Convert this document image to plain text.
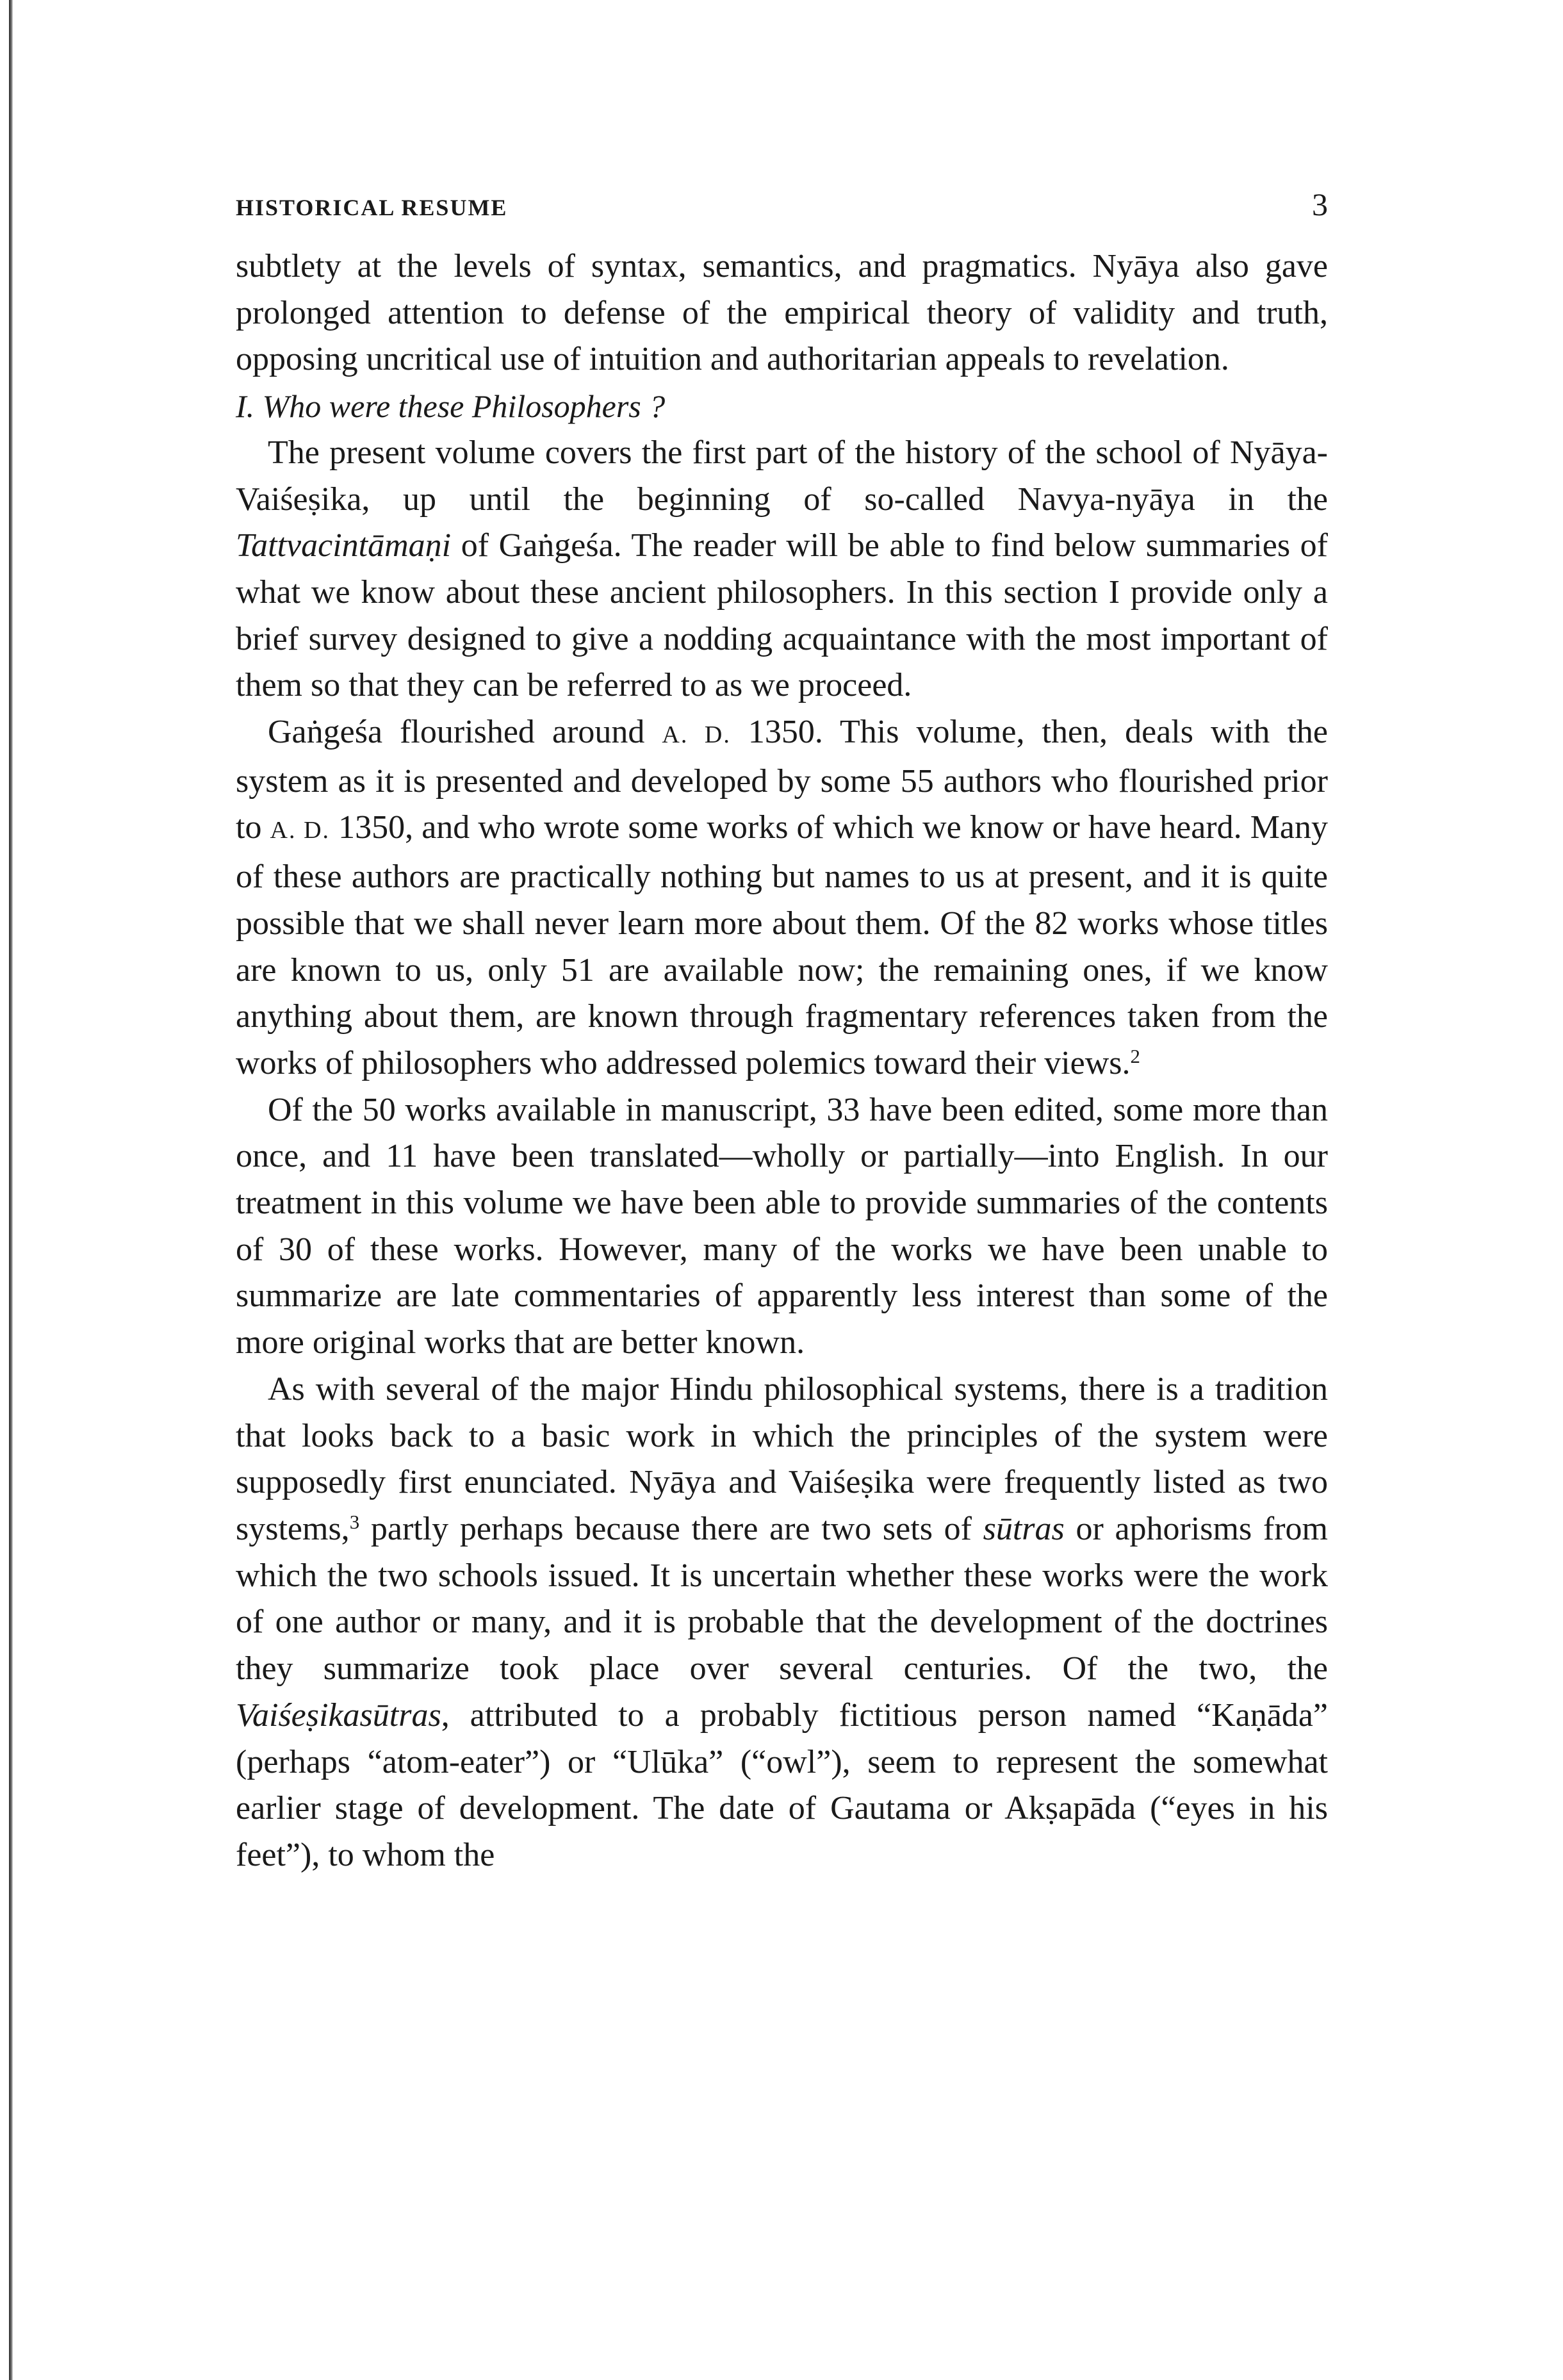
HISTORICAL RESUME	3

subtlety at the levels of syntax, semantics, and pragmatics. Nyāya also gave prolonged attention to defense of the empirical theory of validity and truth, opposing uncritical use of intuition and authoritarian appeals to revelation.

I. Who were these Philosophers ?

The present volume covers the first part of the history of the school of Nyāya-Vaiśeṣika, up until the beginning of so-called Navya-nyāya in the Tattvacintāmaṇi of Gaṅgeśa. The reader will be able to find below summaries of what we know about these ancient philosophers. In this section I provide only a brief survey designed to give a nodding acquaintance with the most important of them so that they can be referred to as we proceed.

Gaṅgeśa flourished around A. D. 1350. This volume, then, deals with the system as it is presented and developed by some 55 authors who flourished prior to A. D. 1350, and who wrote some works of which we know or have heard. Many of these authors are practically nothing but names to us at present, and it is quite possible that we shall never learn more about them. Of the 82 works whose titles are known to us, only 51 are available now; the remaining ones, if we know anything about them, are known through fragmentary references taken from the works of philosophers who addressed polemics toward their views.$^2$

Of the 50 works available in manuscript, 33 have been edited, some more than once, and 11 have been translated—wholly or partially—into English. In our treatment in this volume we have been able to provide summaries of the contents of 30 of these works. However, many of the works we have been unable to summarize are late commentaries of apparently less interest than some of the more original works that are better known.

As with several of the major Hindu philosophical systems, there is a tradition that looks back to a basic work in which the principles of the system were supposedly first enunciated. Nyāya and Vaiśeṣika were frequently listed as two systems,$^3$ partly perhaps because there are two sets of sūtras or aphorisms from which the two schools issued. It is uncertain whether these works were the work of one author or many, and it is probable that the development of the doctrines they summarize took place over several centuries. Of the two, the Vaiśeṣikasūtras, attributed to a probably fictitious person named “Kaṇāda” (perhaps “atom-eater”) or “Ulūka” (“owl”), seem to represent the somewhat earlier stage of development. The date of Gautama or Akṣapāda (“eyes in his feet”), to whom the
